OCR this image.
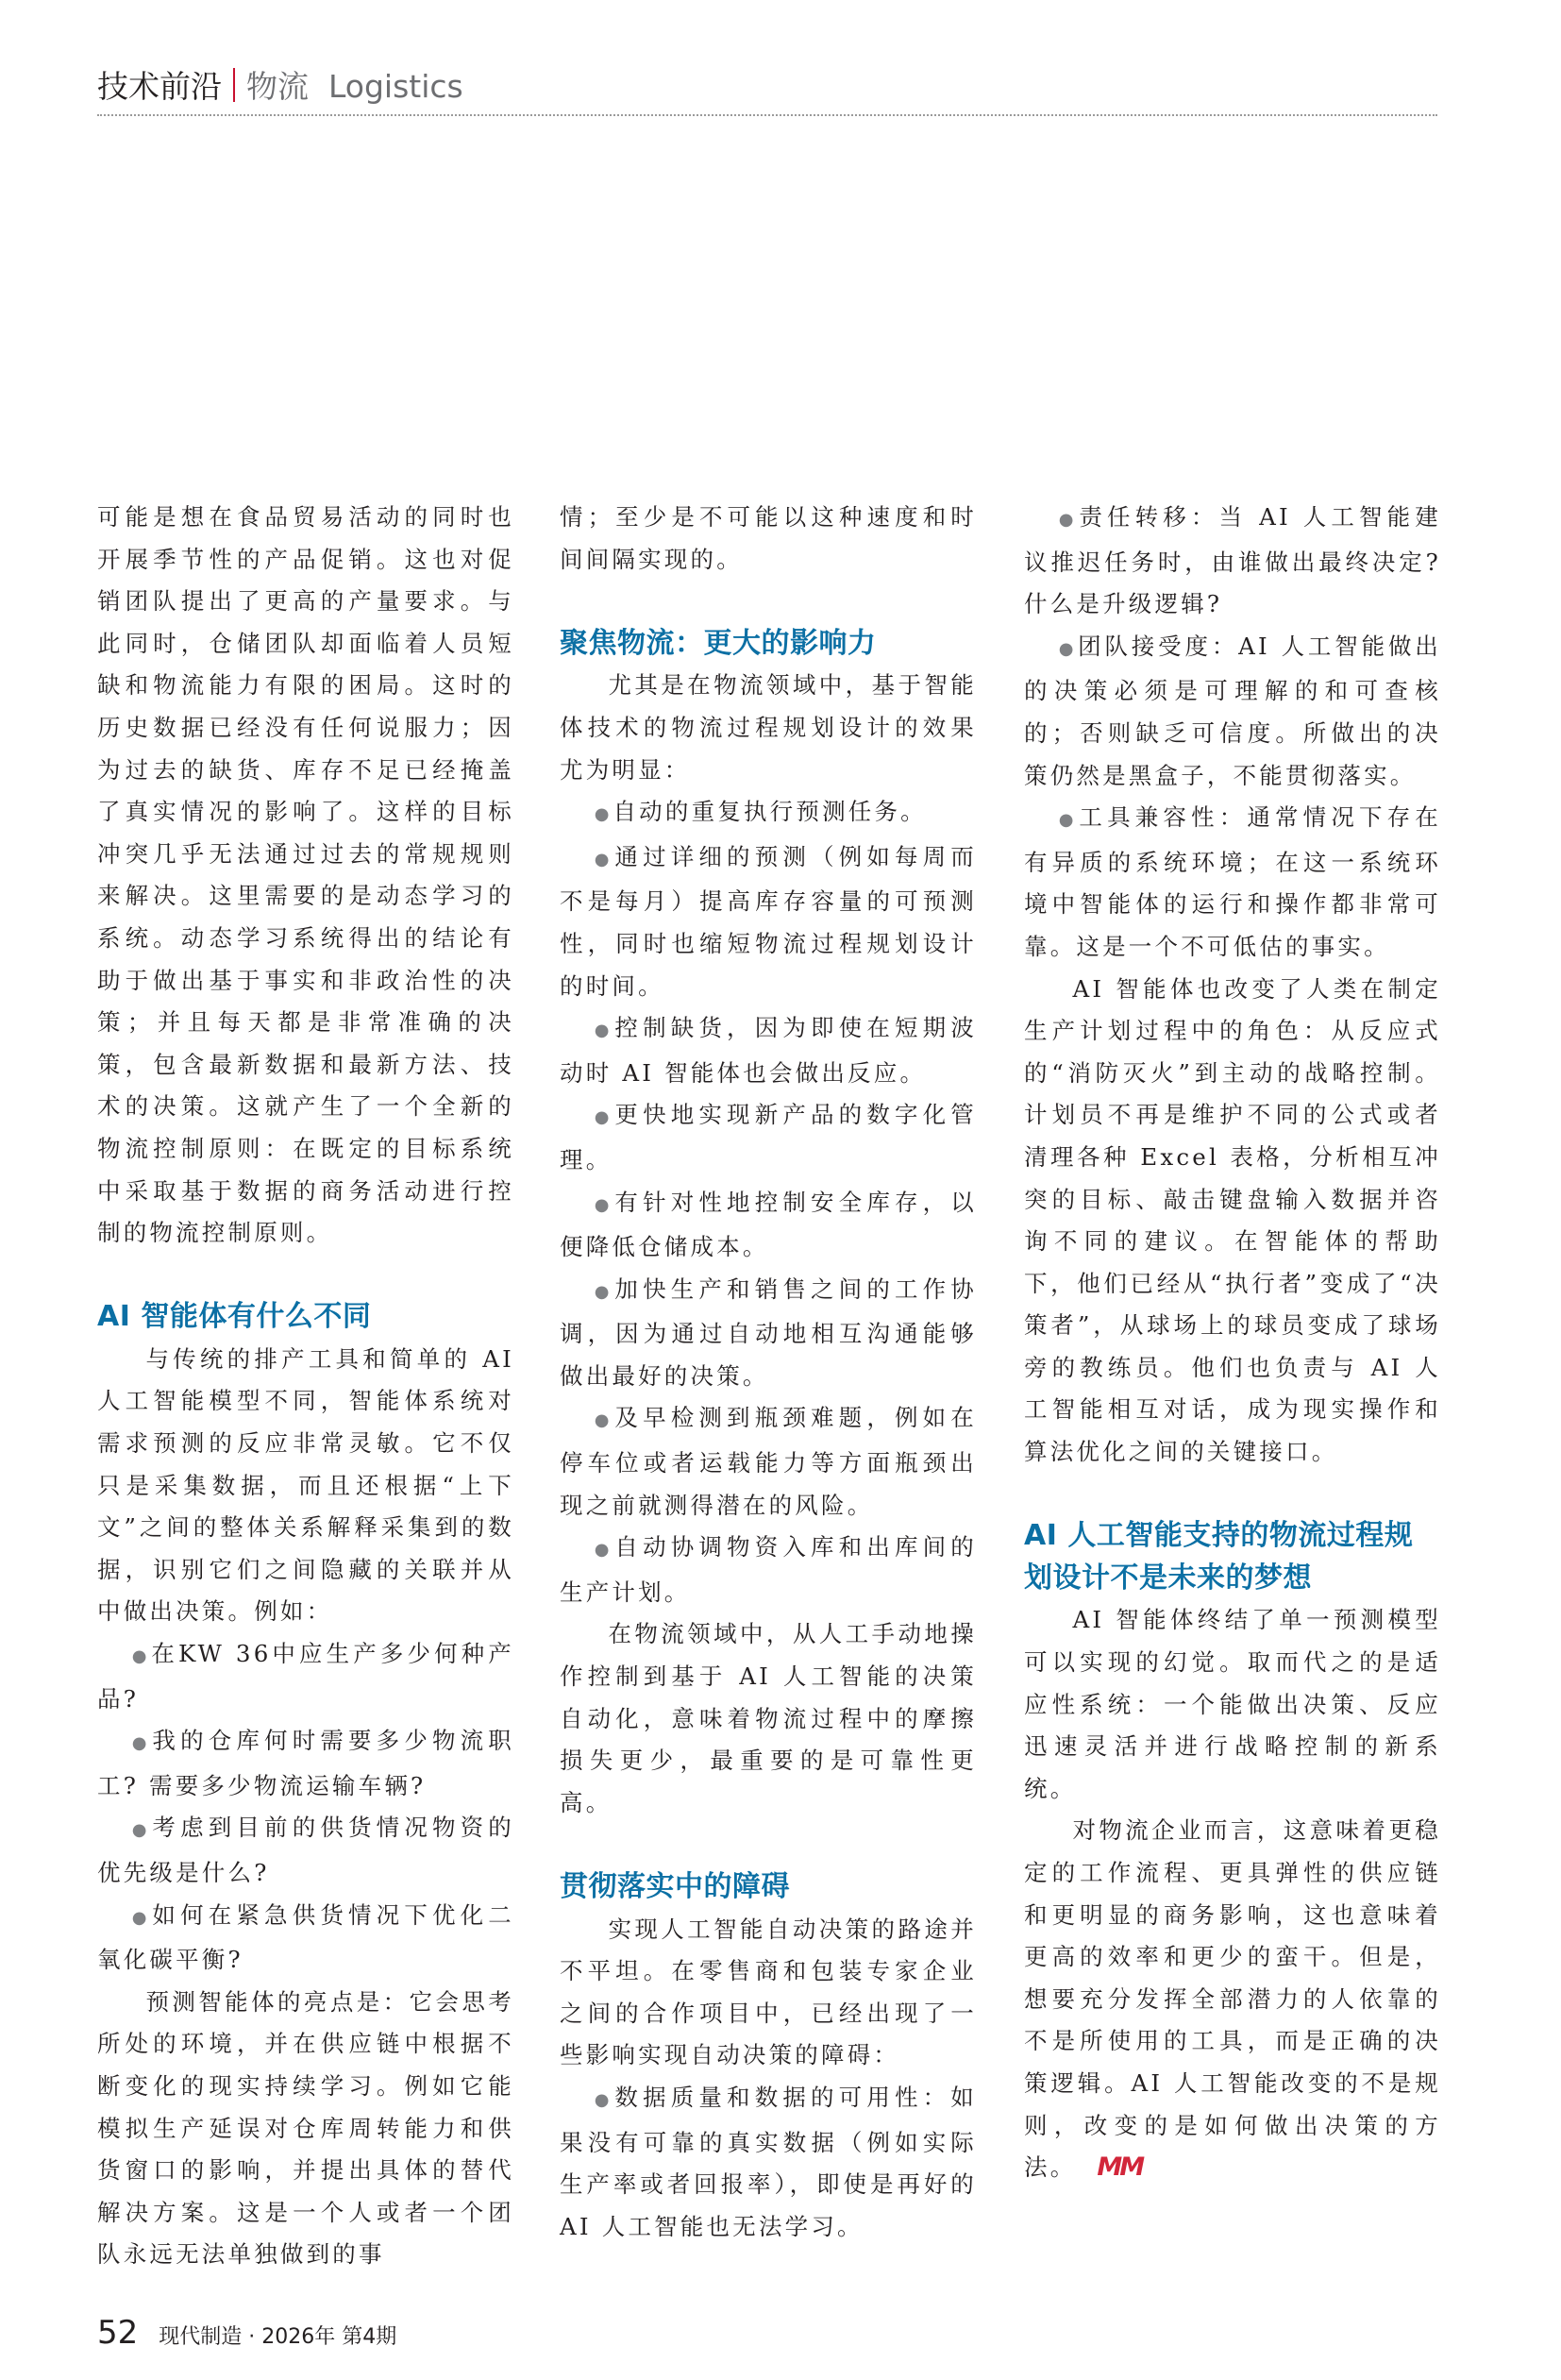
技术前沿 物流  Logistics

可能是想在食品贸易活动的同时也开展季节性的产品促销。这也对促销团队提出了更高的产量要求。与此同时，仓储团队却面临着人员短缺和物流能力有限的困局。这时的历史数据已经没有任何说服力；因为过去的缺货、库存不足已经掩盖了真实情况的影响了。这样的目标冲突几乎无法通过过去的常规规则来解决。这里需要的是动态学习的系统。动态学习系统得出的结论有助于做出基于事实和非政治性的决策；并且每天都是非常准确的决策，包含最新数据和最新方法、技术的决策。这就产生了一个全新的物流控制原则：在既定的目标系统中采取基于数据的商务活动进行控制的物流控制原则。

AI 智能体有什么不同

与传统的排产工具和简单的 AI 人工智能模型不同，智能体系统对需求预测的反应非常灵敏。它不仅只是采集数据，而且还根据“上下文”之间的整体关系解释采集到的数据，识别它们之间隐藏的关联并从中做出决策。例如：

● 在KW 36中应生产多少何种产品?

● 我的仓库何时需要多少物流职工? 需要多少物流运输车辆?

● 考虑到目前的供货情况物资的优先级是什么?

● 如何在紧急供货情况下优化二氧化碳平衡?

预测智能体的亮点是：它会思考所处的环境，并在供应链中根据不断变化的现实持续学习。例如它能模拟生产延误对仓库周转能力和供货窗口的影响，并提出具体的替代解决方案。这是一个人或者一个团队永远无法单独做到的事

情；至少是不可能以这种速度和时间间隔实现的。

聚焦物流：更大的影响力

尤其是在物流领域中，基于智能体技术的物流过程规划设计的效果尤为明显：

● 自动的重复执行预测任务。

● 通过详细的预测（例如每周而不是每月）提高库存容量的可预测性，同时也缩短物流过程规划设计的时间。

● 控制缺货，因为即使在短期波动时 AI 智能体也会做出反应。

● 更快地实现新产品的数字化管理。

● 有针对性地控制安全库存，以便降低仓储成本。

● 加快生产和销售之间的工作协调，因为通过自动地相互沟通能够做出最好的决策。

● 及早检测到瓶颈难题，例如在停车位或者运载能力等方面瓶颈出现之前就测得潜在的风险。

● 自动协调物资入库和出库间的生产计划。

在物流领域中，从人工手动地操作控制到基于 AI 人工智能的决策自动化，意味着物流过程中的摩擦损失更少，最重要的是可靠性更高。

贯彻落实中的障碍

实现人工智能自动决策的路途并不平坦。在零售商和包装专家企业之间的合作项目中，已经出现了一些影响实现自动决策的障碍：

● 数据质量和数据的可用性：如果没有可靠的真实数据（例如实际生产率或者回报率），即使是再好的 AI 人工智能也无法学习。

● 责任转移：当 AI 人工智能建议推迟任务时，由谁做出最终决定? 什么是升级逻辑?

● 团队接受度：AI 人工智能做出的决策必须是可理解的和可查核的；否则缺乏可信度。所做出的决策仍然是黑盒子，不能贯彻落实。

● 工具兼容性：通常情况下存在有异质的系统环境；在这一系统环境中智能体的运行和操作都非常可靠。这是一个不可低估的事实。

AI 智能体也改变了人类在制定生产计划过程中的角色：从反应式的“消防灭火”到主动的战略控制。计划员不再是维护不同的公式或者清理各种 Excel 表格，分析相互冲突的目标、敲击键盘输入数据并咨询不同的建议。在智能体的帮助下，他们已经从“执行者”变成了“决策者”，从球场上的球员变成了球场旁的教练员。他们也负责与 AI 人工智能相互对话，成为现实操作和算法优化之间的关键接口。

AI 人工智能支持的物流过程规划设计不是未来的梦想

AI 智能体终结了单一预测模型可以实现的幻觉。取而代之的是适应性系统：一个能做出决策、反应迅速灵活并进行战略控制的新系统。

对物流企业而言，这意味着更稳定的工作流程、更具弹性的供应链和更明显的商务影响，这也意味着更高的效率和更少的蛮干。但是，想要充分发挥全部潜力的人依靠的不是所使用的工具，而是正确的决策逻辑。AI 人工智能改变的不是规则，改变的是如何做出决策的方法。 MM

52 现代制造 · 2026年 第4期
